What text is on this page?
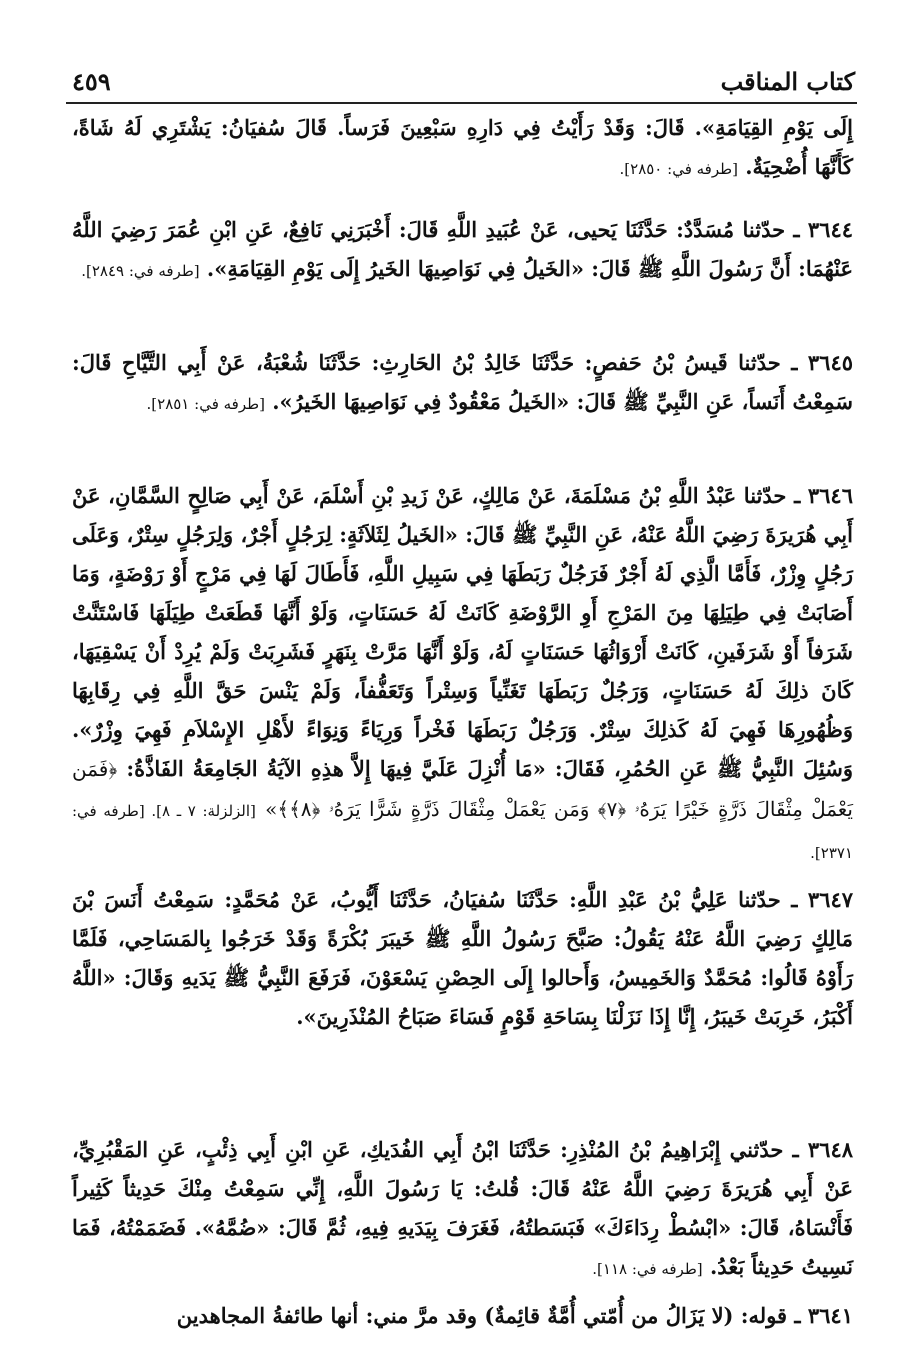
كتاب المناقب
٤٥٩

إِلَى يَوْمِ القِيَامَةِ». قَالَ: وَقَدْ رَأَيْتُ فِي دَارِهِ سَبْعِينَ فَرَساً. قَالَ سُفيَانُ: يَشْتَرِي لَهُ شَاةً، كَأَنَّهَا أُضْحِيَةٌ. [طرفه في: ٢٨٥٠].

٣٦٤٤ ـ حدّثنا مُسَدَّدٌ: حَدَّثَنَا يَحيى، عَنْ عُبَيدِ اللَّهِ قَالَ: أَخْبَرَنِي نَافِعٌ، عَنِ ابْنِ عُمَرَ رَضِيَ اللَّهُ عَنْهُمَا: أَنَّ رَسُولَ اللَّهِ ﷺ قَالَ: «الخَيلُ فِي نَوَاصِيهَا الخَيرُ إِلَى يَوْمِ القِيَامَةِ». [طرفه في: ٢٨٤٩].

٣٦٤٥ ـ حدّثنا قَيسُ بْنُ حَفصٍ: حَدَّثَنَا خَالِدُ بْنُ الحَارِثِ: حَدَّثَنَا شُعْبَةُ، عَنْ أَبِي التَّيَّاحِ قَالَ: سَمِعْتُ أَنَساً، عَنِ النَّبِيِّ ﷺ قَالَ: «الخَيلُ مَعْقُودٌ فِي نَوَاصِيهَا الخَيرُ». [طرفه في: ٢٨٥١].

٣٦٤٦ ـ حدّثنا عَبْدُ اللَّهِ بْنُ مَسْلَمَةَ، عَنْ مَالِكٍ، عَنْ زَيدِ بْنِ أَسْلَمَ، عَنْ أَبِي صَالِحٍ السَّمَّانِ، عَنْ أَبِي هُرَيرَةَ رَضِيَ اللَّهُ عَنْهُ، عَنِ النَّبِيِّ ﷺ قَالَ: «الخَيلُ لِثَلاَثَةٍ: لِرَجُلٍ أَجْرٌ، وَلِرَجُلٍ سِتْرٌ، وَعَلَى رَجُلٍ وِزْرٌ، فَأَمَّا الَّذِي لَهُ أَجْرٌ فَرَجُلٌ رَبَطَهَا فِي سَبِيلِ اللَّهِ، فَأَطَالَ لَهَا فِي مَرْجٍ أَوْ رَوْضَةٍ، وَمَا أَصَابَتْ فِي طِيَلِهَا مِنَ المَرْجِ أَوِ الرَّوْضَةِ كَانَتْ لَهُ حَسَنَاتٍ، وَلَوْ أَنَّهَا قَطَعَتْ طِيَلَهَا فَاسْتَنَّتْ شَرَفاً أَوْ شَرَفَينِ، كَانَتْ أَرْوَاثُهَا حَسَنَاتٍ لَهُ، وَلَوْ أَنَّهَا مَرَّتْ بِنَهَرٍ فَشَرِبَتْ وَلَمْ يُرِدْ أَنْ يَسْقِيَهَا، كَانَ ذلِكَ لَهُ حَسَنَاتٍ، وَرَجُلٌ رَبَطَهَا تَغَنِّياً وَسِتْراً وَتَعَفُّفاً، وَلَمْ يَنْسَ حَقَّ اللَّهِ فِي رِقَابِهَا وَظُهُورِهَا فَهِيَ لَهُ كَذلِكَ سِتْرٌ. وَرَجُلٌ رَبَطَهَا فَخْراً وَرِيَاءً وَنِوَاءً لأَهْلِ الإِسْلاَمِ فَهِيَ وِزْرٌ». وَسُئِلَ النَّبِيُّ ﷺ عَنِ الحُمُرِ، فَقَالَ: «مَا أُنْزِلَ عَلَيَّ فِيهَا إِلاَّ هذِهِ الآيَةُ الجَامِعَةُ الفَاذَّةُ: ﴿فَمَن يَعْمَلْ مِثْقَالَ ذَرَّةٍ خَيْرًا يَرَهُۥ ﴿٧﴾ وَمَن يَعْمَلْ مِثْقَالَ ذَرَّةٍ شَرًّا يَرَهُۥ ﴿٨﴾﴾» [الزلزلة: ٧ ـ ٨]. [طرفه في: ٢٣٧١].

٣٦٤٧ ـ حدّثنا عَلِيُّ بْنُ عَبْدِ اللَّهِ: حَدَّثَنَا سُفيَانُ، حَدَّثَنَا أَيُّوبُ، عَنْ مُحَمَّدٍ: سَمِعْتُ أَنَسَ بْنَ مَالِكٍ رَضِيَ اللَّهُ عَنْهُ يَقُولُ: صَبَّحَ رَسُولُ اللَّهِ ﷺ خَيبَرَ بُكْرَةً وَقَدْ خَرَجُوا بِالمَسَاحِي، فَلَمَّا رَأَوْهُ قَالُوا: مُحَمَّدٌ وَالخَمِيسُ، وَأَحالوا إِلَى الحِصْنِ يَسْعَوْنَ، فَرَفَعَ النَّبِيُّ ﷺ يَدَيهِ وَقَالَ: «اللَّهُ أَكْبَرُ، خَرِبَتْ خَيبَرُ، إِنَّا إِذَا نَزَلْنَا بِسَاحَةِ قَوْمٍ فَسَاءَ صَبَاحُ المُنْذَرِينَ».

٣٦٤٨ ـ حدّثني إِبْرَاهِيمُ بْنُ المُنْذِرِ: حَدَّثَنَا ابْنُ أَبِي الفُدَيكِ، عَنِ ابْنِ أَبِي ذِئْبٍ، عَنِ المَقْبُرِيِّ، عَنْ أَبِي هُرَيرَةَ رَضِيَ اللَّهُ عَنْهُ قَالَ: قُلتُ: يَا رَسُولَ اللَّهِ، إِنِّي سَمِعْتُ مِنْكَ حَدِيثاً كَثِيراً فَأَنْسَاهُ، قَالَ: «ابْسُطْ رِدَاءَكَ» فَبَسَطتُهُ، فَغَرَفَ بِيَدَيهِ فِيهِ، ثُمَّ قَالَ: «ضُمَّهُ». فَضَمَمْتُهُ، فَمَا نَسِيتُ حَدِيثاً بَعْدُ. [طرفه في: ١١٨].

٣٦٤١ ـ قوله: (لا يَزَالُ من أُمّتي أُمَّةٌ قائِمةٌ) وقد مرَّ مني: أنها طائفةُ المجاهدين
